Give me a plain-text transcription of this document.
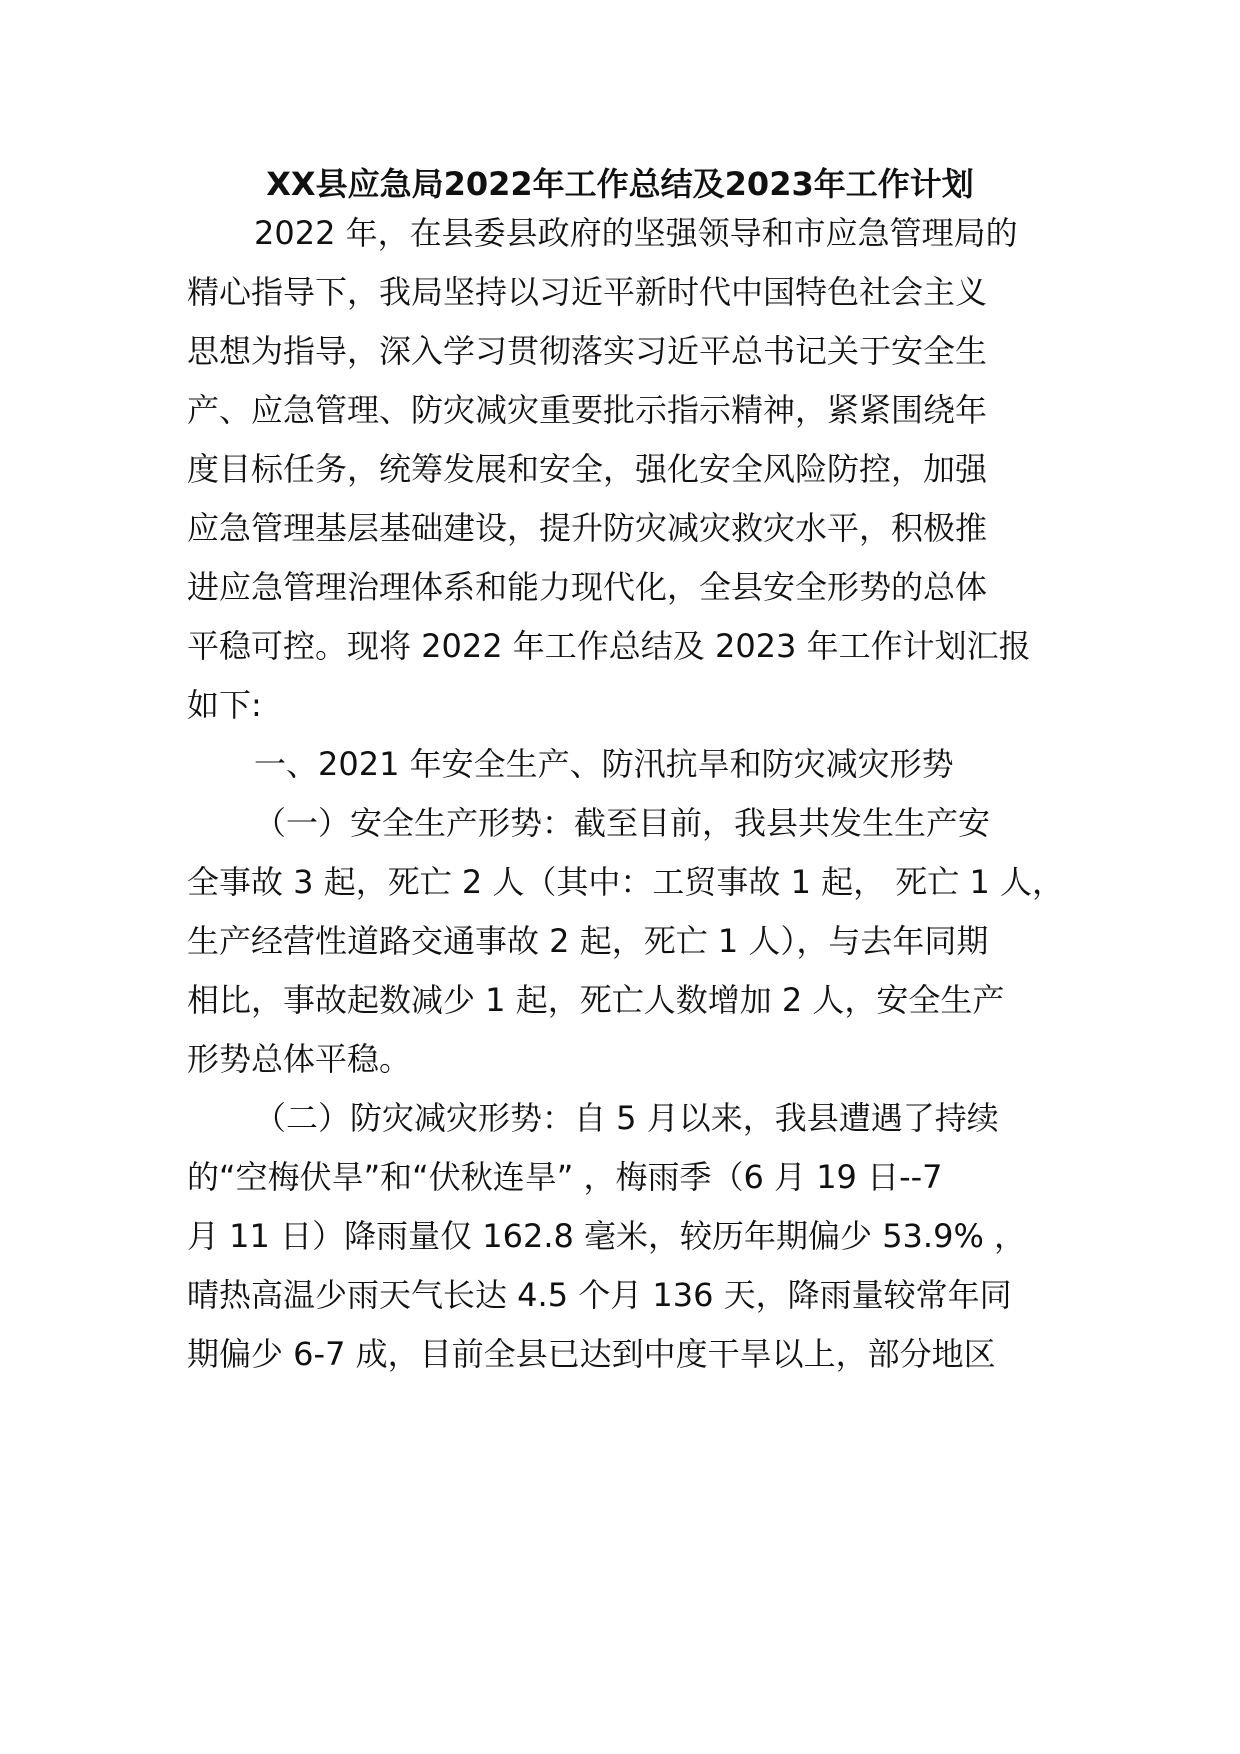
XX县应急局2022年工作总结及2023年工作计划
2022 年，在县委县政府的坚强领导和市应急管理局的
精心指导下，我局坚持以习近平新时代中国特色社会主义
思想为指导，深入学习贯彻落实习近平总书记关于安全生
产、应急管理、防灾减灾重要批示指示精神，紧紧围绕年
度目标任务，统筹发展和安全，强化安全风险防控，加强
应急管理基层基础建设，提升防灾减灾救灾水平，积极推
进应急管理治理体系和能力现代化，全县安全形势的总体
平稳可控。现将 2022 年工作总结及 2023 年工作计划汇报
如下:
一、2021 年安全生产、防汛抗旱和防灾减灾形势
（一）安全生产形势：截至目前，我县共发生生产安
全事故 3 起，死亡 2 人（其中：工贸事故 1 起， 死亡 1 人，
生产经营性道路交通事故 2 起，死亡 1 人），与去年同期
相比，事故起数减少 1 起，死亡人数增加 2 人，安全生产
形势总体平稳。
（二）防灾减灾形势：自 5 月以来，我县遭遇了持续
的“空梅伏旱”和“伏秋连旱” ，梅雨季（6 月 19 日--7
月 11 日）降雨量仅 162.8 毫米，较历年期偏少 53.9% ，
晴热高温少雨天气长达 4.5 个月 136 天，降雨量较常年同
期偏少 6-7 成，目前全县已达到中度干旱以上，部分地区
